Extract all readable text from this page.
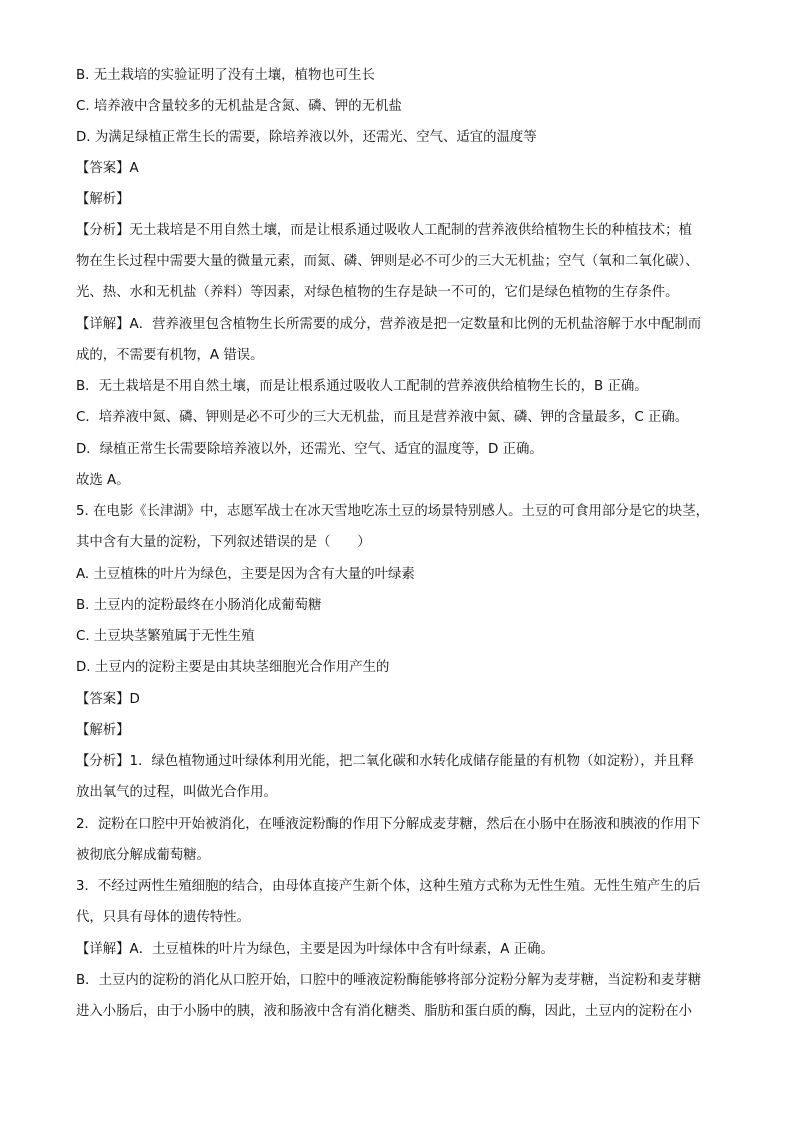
B. 无土栽培的实验证明了没有土壤，植物也可生长
C. 培养液中含量较多的无机盐是含氮、磷、钾的无机盐
D. 为满足绿植正常生长的需要，除培养液以外，还需光、空气、适宜的温度等
【答案】A
【解析】
【分析】无土栽培是不用自然土壤，而是让根系通过吸收人工配制的营养液供给植物生长的种植技术；植
物在生长过程中需要大量的微量元素，而氮、磷、钾则是必不可少的三大无机盐；空气（氧和二氧化碳）、
光、热、水和无机盐（养料）等因素，对绿色植物的生存是缺一不可的，它们是绿色植物的生存条件。
【详解】A．营养液里包含植物生长所需要的成分，营养液是把一定数量和比例的无机盐溶解于水中配制而
成的，不需要有机物，A 错误。
B．无土栽培是不用自然土壤，而是让根系通过吸收人工配制的营养液供给植物生长的，B 正确。
C．培养液中氮、磷、钾则是必不可少的三大无机盐，而且是营养液中氮、磷、钾的含量最多，C 正确。
D．绿植正常生长需要除培养液以外，还需光、空气、适宜的温度等，D 正确。
故选 A。
5. 在电影《长津湖》中，志愿军战士在冰天雪地吃冻土豆的场景特别感人。土豆的可食用部分是它的块茎，
其中含有大量的淀粉，下列叙述错误的是（　　）
A. 土豆植株的叶片为绿色，主要是因为含有大量的叶绿素
B. 土豆内的淀粉最终在小肠消化成葡萄糖
C. 土豆块茎繁殖属于无性生殖
D. 土豆内的淀粉主要是由其块茎细胞光合作用产生的
【答案】D
【解析】
【分析】1．绿色植物通过叶绿体利用光能，把二氧化碳和水转化成储存能量的有机物（如淀粉），并且释
放出氧气的过程，叫做光合作用。
2．淀粉在口腔中开始被消化，在唾液淀粉酶的作用下分解成麦芽糖，然后在小肠中在肠液和胰液的作用下
被彻底分解成葡萄糖。
3．不经过两性生殖细胞的结合，由母体直接产生新个体，这种生殖方式称为无性生殖。无性生殖产生的后
代，只具有母体的遗传特性。
【详解】A．土豆植株的叶片为绿色，主要是因为叶绿体中含有叶绿素，A 正确。
B．土豆内的淀粉的消化从口腔开始，口腔中的唾液淀粉酶能够将部分淀粉分解为麦芽糖，当淀粉和麦芽糖
进入小肠后，由于小肠中的胰，液和肠液中含有消化糖类、脂肪和蛋白质的酶，因此，土豆内的淀粉在小
